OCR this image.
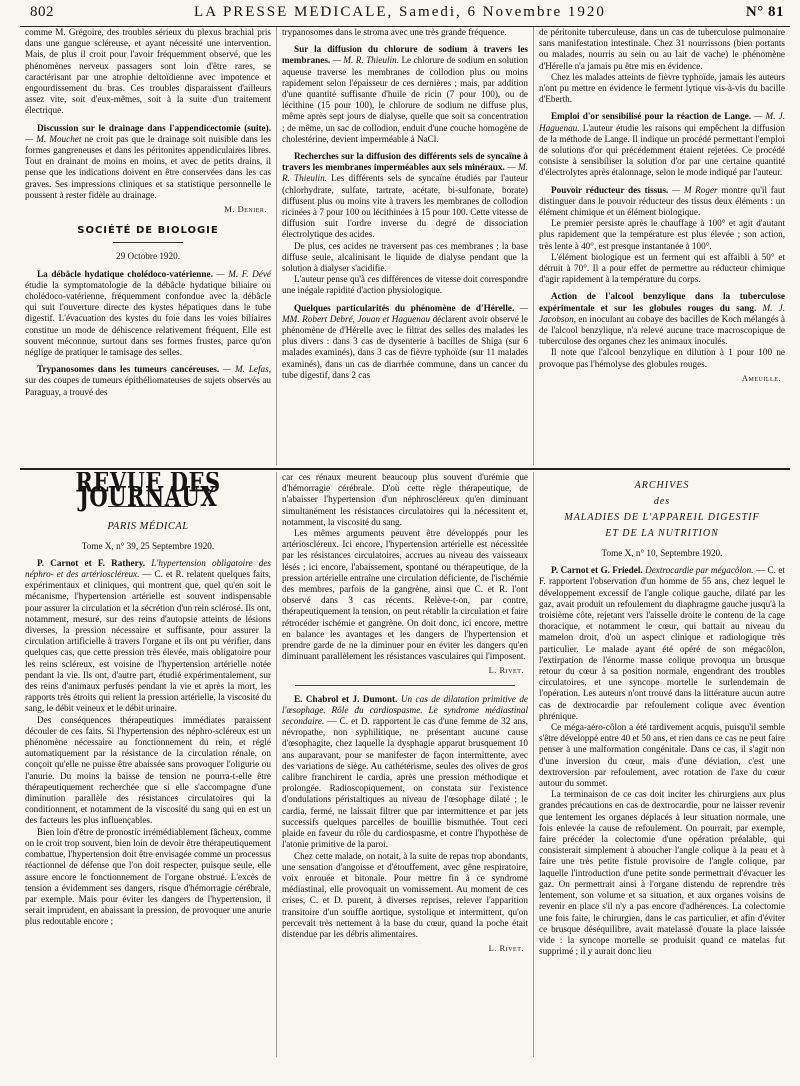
802	LA PRESSE MEDICALE, Samedi, 6 Novembre 1920	N° 81

comme M. Grégoire, des troubles sérieux du plexus brachial pris dans une gangue scléreuse, et ayant nécessité une intervention. Mais, de plus il croit pour l'avoir fréquemment observé, que les phénomènes nerveux passagers sont loin d'être rares, se caractérisant par une atrophie deltoïdienne avec impotence et engourdissement du bras. Ces troubles disparaissent d'ailleurs assez vite, soit d'eux-mêmes, soit à la suite d'un traitement électrique.

Discussion sur le drainage dans l'appendicectomie (suite). — M. Mouchet ne croit pas que le drainage soit nuisible dans les formes gangreneuses et dans les péritonites appendiculaires libres. Tout en drainant de moins en moins, et avec de petits drains, il pense que les indications doivent en être conservées dans les cas graves. Ses impressions cliniques et sa statistique personnelle le poussent à rester fidèle au drainage.

M. Denier.
SOCIÉTÉ DE BIOLOGIE
29 Octobre 1920.

La débâcle hydatique cholédoco-vatérienne. — M. F. Dévé étudie la symptomatologie de la débâcle hydatique biliaire ou cholédoco-vatérienne, fréquemment confondue avec la débâcle qui suit l'ouverture directe des kystes hépatiques dans le tube digestif. L'évacuation des kystes du foie dans les voies biliaires constitue un mode de déhiscence relativement fréquent. Elle est souvent méconnue, surtout dans ses formes frustes, parce qu'on néglige de pratiquer le tamisage des selles.

Trypanosomes dans les tumeurs cancéreuses. — M. Lefas, sur des coupes de tumeurs épithéliomateuses de sujets observés au Paraguay, a trouvé des

trypanosomes dans le stroma avec une très grande fréquence.

Sur la diffusion du chlorure de sodium à travers les membranes. — M. R. Thieulin. Le chlorure de sodium en solution aqueuse traverse les membranes de collodion plus ou moins rapidement selon l'épaisseur de ces dernières ; mais, par addition d'une quantité suffisante d'huile de ricin (7 pour 100), ou de lécithine (15 pour 100), le chlorure de sodium ne diffuse plus, même après sept jours de dialyse, quelle que soit sa concentration ; de même, un sac de collodion, enduit d'une couche homogène de cholestérine, devient imperméable à NaCl.

Recherches sur la diffusion des différents sels de syncaïne à travers les membranes imperméables aux sels minéraux. — M. R. Thieulin. Les différents sels de syncaïne étudiés par l'auteur (chlorhydrate, sulfate, tartrate, acétate, bi-sulfonate, borate) diffusent plus ou moins vite à travers les membranes de collodion ricinées à 7 pour 100 ou lécithinées à 15 pour 100. Cette vitesse de diffusion suit l'ordre inverse du degré de dissociation électrolytique des acides.

De plus, ces acides ne traversent pas ces membranes ; la base diffuse seule, alcalinisant le liquide de dialyse pendant que la solution à dialyser s'acidifie.

L'auteur pense qu'à ces différences de vitesse doit correspondre une inégale rapidité d'action physiologique.

Quelques particularités du phénomène de d'Hérelle. — MM. Robert Debré, Jouan et Haguenau déclarent avoir observé le phénomène de d'Hérelle avec le filtrat des selles des malades les plus divers : dans 3 cas de dysenterie à bacilles de Shiga (sur 6 malades examinés), dans 3 cas de fièvre typhoïde (sur 11 malades examinés), dans un cas de diarrhée commune, dans un cancer du tube digestif, dans 2 cas

de péritonite tuberculeuse, dans un cas de tuberculose pulmonaire sans manifestation intestinale. Chez 31 nourrissons (bien portants ou malades, nourris au sein ou au lait de vache) le phénomène d'Hérelle n'a jamais pu être mis en évidence.

Chez les malades atteints de fièvre typhoïde, jamais les auteurs n'ont pu mettre en évidence le ferment lytique vis-à-vis du bacille d'Eberth.

Emploi d'or sensibilisé pour la réaction de Lange. — M. J. Haguenau. L'auteur étudie les raisons qui empêchent la diffusion de la méthode de Lange. Il indique un procédé permettant l'emploi de solutions d'or qui précédemment étaient rejetées. Ce procédé consiste à sensibiliser la solution d'or par une certaine quantité d'électrolytes après étalonnage, selon le mode indiqué par l'auteur.

Pouvoir réducteur des tissus. — M Roger montre qu'il faut distinguer dans le pouvoir réducteur des tissus deux éléments : un élément chimique et un élément biologique.

Le premier persiste après le chauffage à 100° et agit d'autant plus rapidement que la température est plus élevée ; son action, très lente à 40°, est presque instantanée à 100°.

L'élément biologique est un ferment qui est affaibli à 50° et détruit à 70°. Il a pour effet de permettre au réducteur chimique d'agir rapidement à la température du corps.

Action de l'alcool benzylique dans la tuberculose expérimentale et sur les globules rouges du sang. M. J. Jacobson, en inoculant au cobaye des bacilles de Koch mélangés à de l'alcool benzylique, n'a relevé aucune trace macroscopique de tuberculose des organes chez les animaux inoculés.

Il note que l'alcool benzylique en dilution à 1 pour 100 ne provoque pas l'hémolyse des globules rouges.

Ameuille.
REVUE DES JOURNAUX
PARIS MÉDICAL
Tome X, n° 39, 25 Septembre 1920.

P. Carnot et F. Rathery. L'hypertension obligatoire des néphro- et des artérioscléreux. — C. et R. relatent quelques faits, expérimentaux et cliniques, qui montrent que, quel qu'en soit le mécanisme, l'hypertension artérielle est souvent indispensable pour assurer la circulation et la sécrétion d'un rein sclérosé. Ils ont, notamment, mesuré, sur des reins d'autopsie atteints de lésions diverses, la pression nécessaire et suffisante, pour assurer la circulation artificielle à travers l'organe et ils ont pu vérifier, dans quelques cas, que cette pression très élevée, mais obligatoire pour les reins scléreux, est voisine de l'hypertension artérielle notée pendant la vie. Ils ont, d'autre part, étudié expérimentalement, sur des reins d'animaux perfusés pendant la vie et après la mort, les rapports très étroits qui relient la pression artérielle, la viscosité du sang, le débit veineux et le débit urinaire.

Des conséquences thérapeutiques immédiates paraissent découler de ces faits. Si l'hypertension des néphro-scléreux est un phénomène nécessaire au fonctionnement du rein, et réglé automatiquement par la résistance de la circulation rénale, on conçoit qu'elle ne puisse être abaissée sans provoquer l'oligurie ou l'anurie. Du moins la baisse de tension ne pourra-t-elle être thérapeutiquement recherchée que si elle s'accompagne d'une diminution parallèle des résistances circulatoires qui la conditionnent, et notamment de la viscosité du sang qui en est un des facteurs les plus influençables.

Bien loin d'être de pronostic irrémédiablement fâcheux, comme on le croit trop souvent, bien loin de devoir être thérapeutiquement combattue, l'hypertension doit être envisagée comme un processus réactionnel de défense que l'on doit respecter, puisque seule, elle assure encore le fonctionnement de l'organe obstrué. L'excès de tension a évidemment ses dangers, risque d'hémorragie cérébrale, par exemple. Mais pour éviter les dangers de l'hypertension, il serait imprudent, en abaissant la pression, de provoquer une anurie plus redoutable encore ;

car ces rénaux meurent beaucoup plus souvent d'urémie que d'hémorragie cérébrale. D'où cette règle thérapeutique, de n'abaisser l'hypertension d'un néphroscléreux qu'en diminuant simultanément les résistances circulatoires qui la nécessitent et, notamment, la viscosité du sang.

Les mêmes arguments peuvent être développés pour les artérioscléreux. Ici encore, l'hypertension artérielle est nécessitée par les résistances circulatoires, accrues au niveau des vaisseaux lésés ; ici encore, l'abaissement, spontané ou thérapeutique, de la pression artérielle entraîne une circulation déficiente, de l'ischémie des membres, parfois de la gangrène, ainsi que C. et R. l'ont observé dans 3 cas récents. Relève-t-on, par contre, thérapeutiquement la tension, on peut rétablir la circulation et faire rétrocéder ischémie et gangrène. On doit donc, ici encore, mettre en balance les avantages et les dangers de l'hypertension et prendre garde de ne la diminuer pour en éviter les dangers qu'en diminuant parallèlement les résistances vasculaires qui l'imposent.

L. Rivet.

E. Chabrol et J. Dumont. Un cas de dilatation primitive de l'œsophage. Rôle du cardiospasme. Le syndrome médiastinal secondaire. — C. et D. rapportent le cas d'une femme de 32 ans, névropathe, non syphilitique, ne présentant aucune cause d'œsophagite, chez laquelle la dysphagie apparut brusquement 10 ans auparavant, pour se manifester de façon intermittente, avec des variations de siège. Au cathétérisme, seules des olives de gros calibre franchirent le cardia, après une pression méthodique et prolongée. Radioscopiquement, on constata sur l'existence d'ondulations péristaltiques au niveau de l'œsophage dilaté ; le cardia, fermé, ne laissait filtrer que par intermittence et par jets successifs quelques parcelles de bouillie bismuthée. Tout ceci plaide en faveur du rôle du cardiospasme, et contre l'hypothèse de l'atonie primitive de la paroi.

Chez cette malade, on notait, à la suite de repas trop abondants, une sensation d'angoisse et d'étouffement, avec gêne respiratoire, voix enrouée et bitonale. Pour mettre fin à ce syndrome médiastinal, elle provoquait un vomissement. Au moment de ces crises, C. et D. purent, à diverses reprises, relever l'apparition transitoire d'un souffle aortique, systolique et intermittent, qu'on percevait très nettement à la base du cœur, quand la poche était distendue par les débris alimentaires.

L. Rivet.
ARCHIVES
des
MALADIES DE L'APPAREIL DIGESTIF
ET DE LA NUTRITION
Tome X, n° 10, Septembre 1920.

P. Carnot et G. Friedel. Dextrocardie par mégacôlon. — C. et F. rapportent l'observation d'un homme de 55 ans, chez lequel le développement excessif de l'angle colique gauche, dilaté par les gaz, avait produit un refoulement du diaphragme gauche jusqu'à la troisième côte, rejetant vers l'aisselle droite le contenu de la cage thoracique, et notamment le cœur, qui battait au niveau du mamelon droit, d'où un aspect clinique et radiologique très particulier. Le malade ayant été opéré de son mégacôlon, l'extirpation de l'énorme masse colique provoqua un brusque retour du cœur à sa position normale, engendrant des troubles circulatoires, et une syncope mortelle le surlendemain de l'opération. Les auteurs n'ont trouvé dans la littérature aucun autre cas de dextrocardie par refoulement colique avec évention phrénique.

Ce méga-aéro-côlon a été tardivement acquis, puisqu'il semble s'être développé entre 40 et 50 ans, et rien dans ce cas ne peut faire penser à une malformation congénitale. Dans ce cas, il s'agit non d'une inversion du cœur, mais d'une déviation, c'est une dextroversion par refoulement, avec rotation de l'axe du cœur autour du sommet.

La terminaison de ce cas doit inciter les chirurgiens aux plus grandes précautions en cas de dextrocardie, pour ne laisser revenir que lentement les organes déplacés à leur situation normale, une fois enlevée la cause de refoulement. On pourrait, par exemple, faire précéder la colectomie d'une opération préalable, qui consisterait simplement à aboucher l'angle colique à la peau et à faire une très petite fistule provisoire de l'angle colique, par laquelle l'introduction d'une petite sonde permettrait d'évacuer les gaz. On permettrait ainsi à l'organe distendu de reprendre très lentement, son volume et sa situation, et aux organes voisins de revenir en place s'il n'y a pas encore d'adhérences. La colectomie une fois faite, le chirurgien, dans le cas particulier, et afin d'éviter ce brusque déséquilibre, avait matelassé d'ouate la place laissée vide : la syncope mortelle se produisit quand ce matelas fut supprimé ; il y aurait donc lieu
